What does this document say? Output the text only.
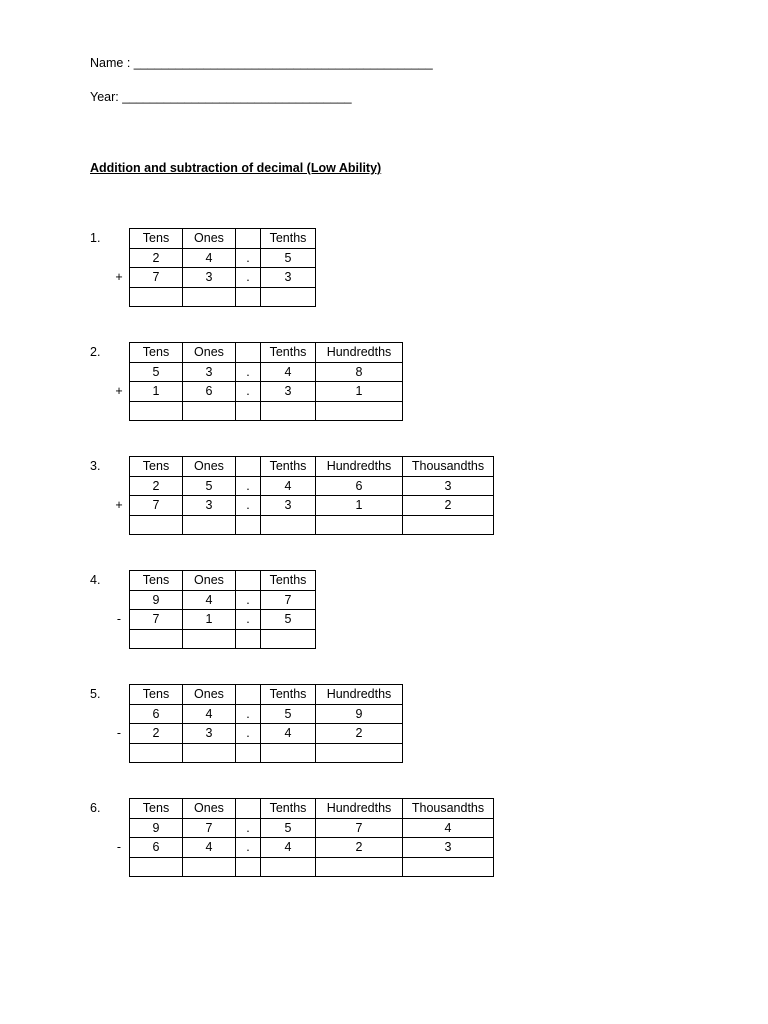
Name : ___________________________________________
Year: _________________________________
Addition and subtraction of decimal (Low Ability)
1.
+
Tens	Ones		Tenths
2	4	.	5
7	3	.	3

2.
+
Tens	Ones		Tenths	Hundredths
5	3	.	4	8
1	6	.	3	1

3.
+
Tens	Ones		Tenths	Hundredths	Thousandths
2	5	.	4	6	3
7	3	.	3	1	2

4.
-
Tens	Ones		Tenths
9	4	.	7
7	1	.	5

5.
-
Tens	Ones		Tenths	Hundredths
6	4	.	5	9
2	3	.	4	2

6.
-
Tens	Ones		Tenths	Hundredths	Thousandths
9	7	.	5	7	4
6	4	.	4	2	3
